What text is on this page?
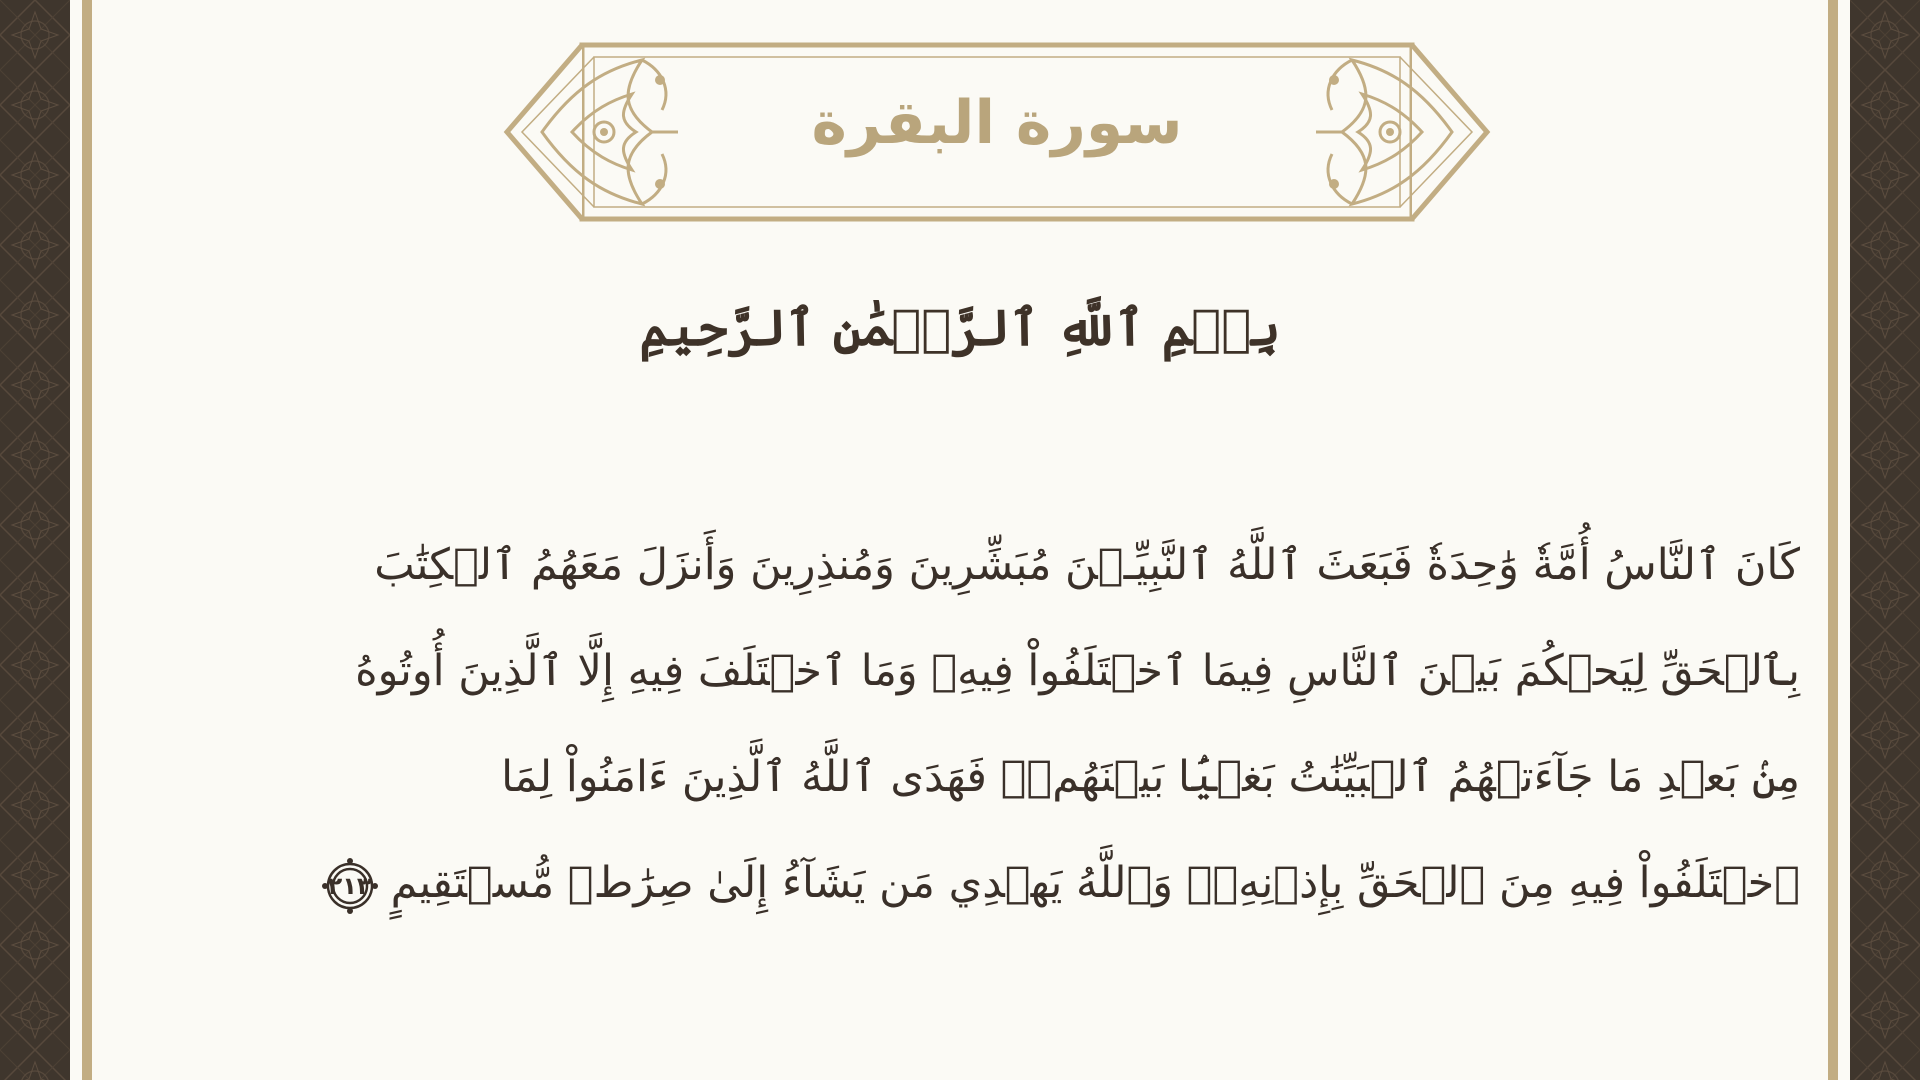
سورة البقرة
بِسۡمِ ٱللَّهِ ٱلرَّحۡمَٰنِ ٱلرَّحِيمِ
كَانَ ٱلنَّاسُ أُمَّةٗ وَٰحِدَةٗ فَبَعَثَ ٱللَّهُ ٱلنَّبِيِّـۧنَ مُبَشِّرِينَ وَمُنذِرِينَ وَأَنزَلَ مَعَهُمُ ٱلۡكِتَٰبَ
بِٱلۡحَقِّ لِيَحۡكُمَ بَيۡنَ ٱلنَّاسِ فِيمَا ٱخۡتَلَفُواْ فِيهِۚ وَمَا ٱخۡتَلَفَ فِيهِ إِلَّا ٱلَّذِينَ أُوتُوهُ
مِنۢ بَعۡدِ مَا جَآءَتۡهُمُ ٱلۡبَيِّنَٰتُ بَغۡيَۢا بَيۡنَهُمۡۖ فَهَدَى ٱللَّهُ ٱلَّذِينَ ءَامَنُواْ لِمَا
ٱخۡتَلَفُواْ فِيهِ مِنَ ٱلۡحَقِّ بِإِذۡنِهِۦۗ وَٱللَّهُ يَهۡدِي مَن يَشَآءُ إِلَىٰ صِرَٰطٖ مُّسۡتَقِيمٍ
٢١٣
